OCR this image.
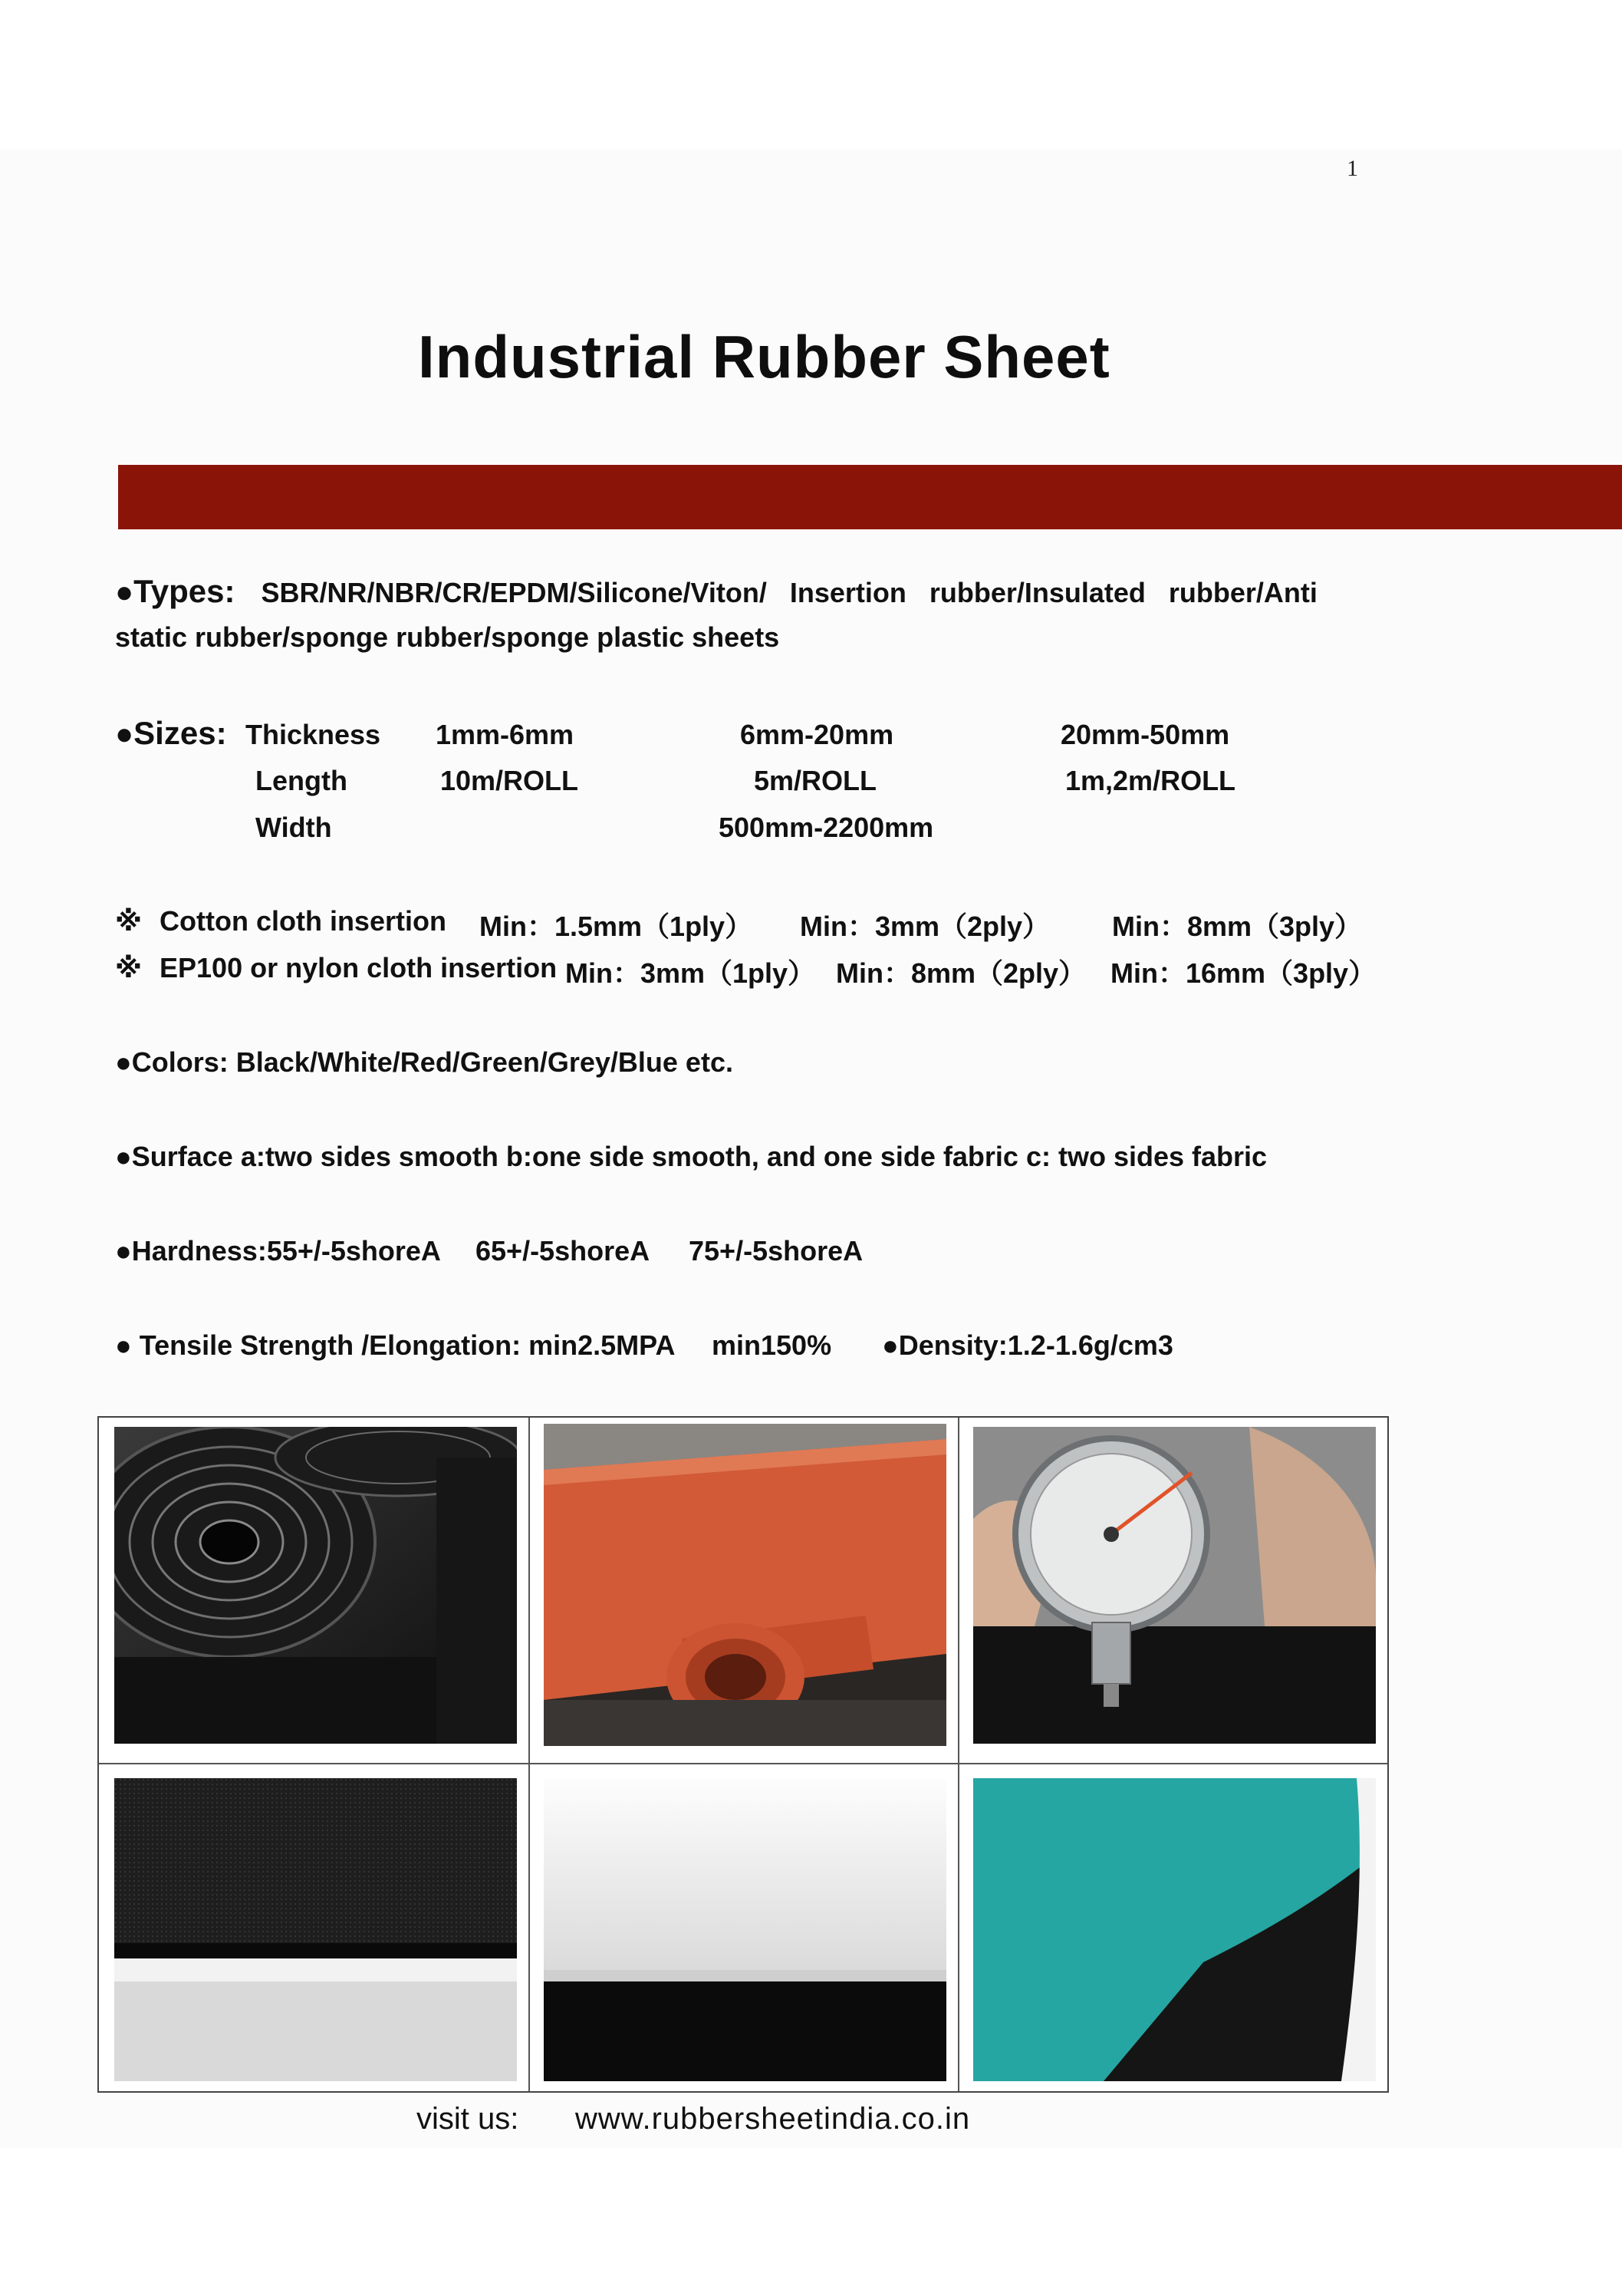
1
Industrial Rubber Sheet
●Types: SBR/NR/NBR/CR/EPDM/Silicone/Viton/   Insertion   rubber/Insulated   rubber/Anti
static rubber/sponge rubber/sponge plastic sheets
●Sizes: Thickness 1mm-6mm	6mm-20mm	20mm-50mm
Length	10m/ROLL	5m/ROLL	1m,2m/ROLL
Width	500mm-2200mm
※ Cotton cloth insertion Min：1.5mm（1ply） Min：3mm（2ply） Min：8mm（3ply）
※ EP100 or nylon cloth insertion Min：3mm（1ply） Min：8mm（2ply） Min：16mm（3ply）
●Colors: Black/White/Red/Green/Grey/Blue etc.
●Surface a:two sides smooth b:one side smooth, and one side fabric c: two sides fabric
●Hardness:55+/-5shoreA 65+/-5shoreA 75+/-5shoreA
● Tensile Strength /Elongation: min2.5MPA min150% ●Density:1.2-1.6g/cm3
visit us: www.rubbersheetindia.co.in
